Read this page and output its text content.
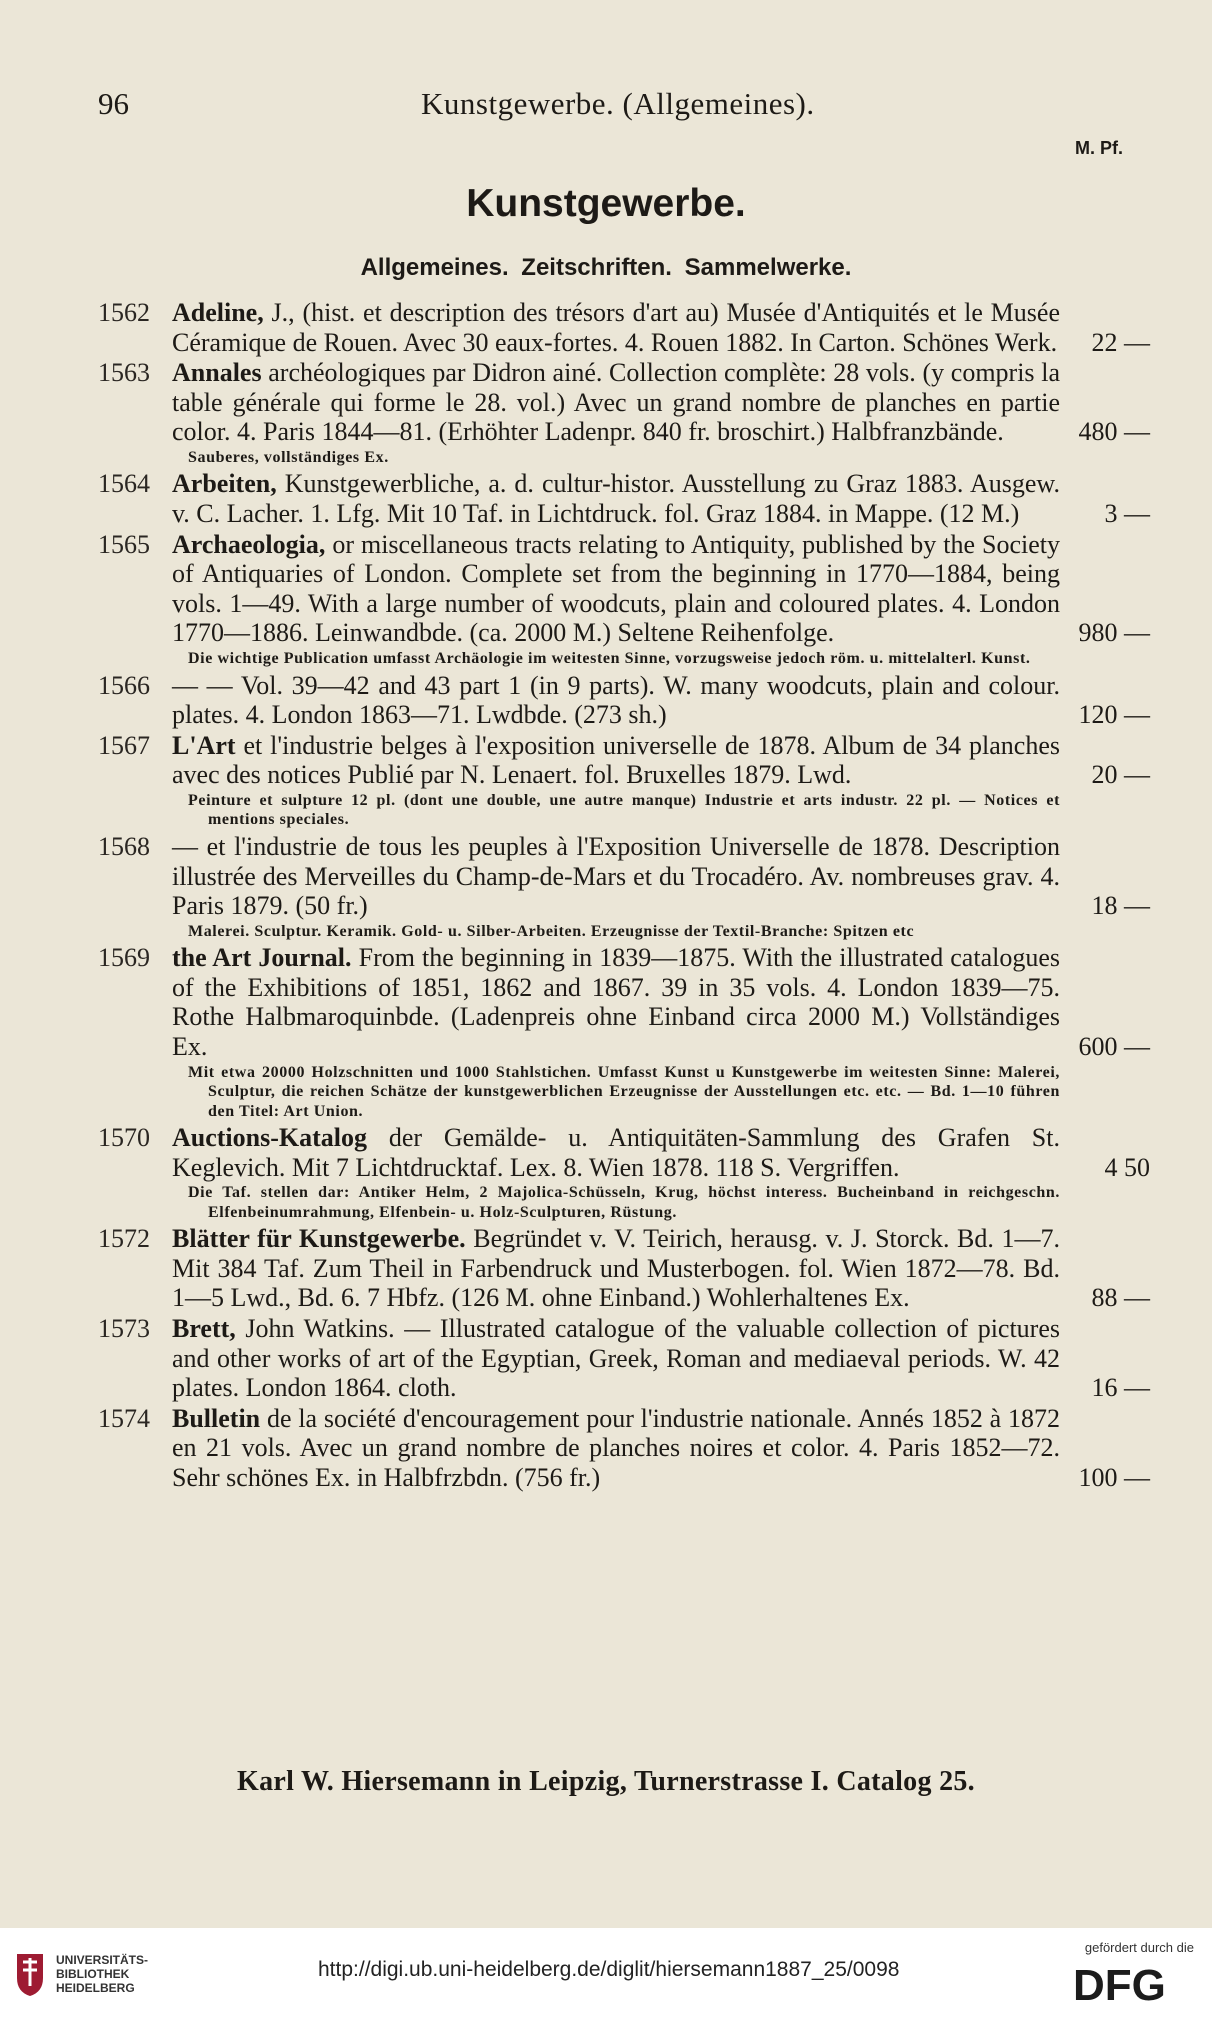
96	Kunstgewerbe. (Allgemeines).
M. Pf.
Kunstgewerbe.
Allgemeines. Zeitschriften. Sammelwerke.
1562 Adeline, J., (hist. et description des trésors d'art au) Musée d'Antiquités et le Musée Céramique de Rouen. Avec 30 eaux-fortes. 4. Rouen 1882. In Carton. Schönes Werk. 22 —
1563 Annales archéologiques par Didron ainé. Collection complète: 28 vols. (y compris la table générale qui forme le 28. vol.) Avec un grand nombre de planches en partie color. 4. Paris 1844—81. (Erhöhter Ladenpr. 840 fr. broschirt.) Halbfranzbände.	480 —
Sauberes, vollständiges Ex.
1564 Arbeiten, Kunstgewerbliche, a. d. cultur-histor. Ausstellung zu Graz 1883. Ausgew. v. C. Lacher. 1. Lfg. Mit 10 Taf. in Lichtdruck. fol. Graz 1884. in Mappe. (12 M.)	3 —
1565 Archaeologia, or miscellaneous tracts relating to Antiquity, published by the Society of Antiquaries of London. Complete set from the beginning in 1770—1884, being vols. 1—49. With a large number of woodcuts, plain and coloured plates. 4. London 1770—1886. Leinwandbde. (ca. 2000 M.) Seltene Reihenfolge.	980 —
Die wichtige Publication umfasst Archäologie im weitesten Sinne, vorzugsweise jedoch röm. u. mittelalterl. Kunst.
1566 — — Vol. 39—42 and 43 part 1 (in 9 parts). W. many woodcuts, plain and colour. plates. 4. London 1863—71. Lwdbde. (273 sh.)	120 —
1567 L'Art et l'industrie belges à l'exposition universelle de 1878. Album de 34 planches avec des notices Publié par N. Lenaert. fol. Bruxelles 1879. Lwd.	20 —
Peinture et sulpture 12 pl. (dont une double, une autre manque) Industrie et arts industr. 22 pl. — Notices et mentions speciales.
1568 — et l'industrie de tous les peuples à l'Exposition Universelle de 1878. Description illustrée des Merveilles du Champ-de-Mars et du Trocadéro. Av. nombreuses grav. 4. Paris 1879. (50 fr.)	18 —
Malerei. Sculptur. Keramik. Gold- u. Silber-Arbeiten. Erzeugnisse der Textil-Branche: Spitzen etc
1569 the Art Journal. From the beginning in 1839—1875. With the illustrated catalogues of the Exhibitions of 1851, 1862 and 1867. 39 in 35 vols. 4. London 1839—75. Rothe Halbmaroquinbde. (Ladenpreis ohne Einband circa 2000 M.) Vollständiges Ex.	600 —
Mit etwa 20000 Holzschnitten und 1000 Stahlstichen. Umfasst Kunst u Kunstgewerbe im weitesten Sinne: Malerei, Sculptur, die reichen Schätze der kunstgewerblichen Erzeugnisse der Ausstellungen etc. etc. — Bd. 1—10 führen den Titel: Art Union.
1570 Auctions-Katalog der Gemälde- u. Antiquitäten-Sammlung des Grafen St. Keglevich. Mit 7 Lichtdrucktaf. Lex. 8. Wien 1878. 118 S. Vergriffen.	4 50
Die Taf. stellen dar: Antiker Helm, 2 Majolica-Schüsseln, Krug, höchst interess. Bucheinband in reichgeschn. Elfenbeinumrahmung, Elfenbein- u. Holz-Sculpturen, Rüstung.
1572 Blätter für Kunstgewerbe. Begründet v. V. Teirich, herausg. v. J. Storck. Bd. 1—7. Mit 384 Taf. Zum Theil in Farbendruck und Musterbogen. fol. Wien 1872—78. Bd. 1—5 Lwd., Bd. 6. 7 Hbfz. (126 M. ohne Einband.) Wohlerhaltenes Ex.	88 —
1573 Brett, John Watkins. — Illustrated catalogue of the valuable collection of pictures and other works of art of the Egyptian, Greek, Roman and mediaeval periods. W. 42 plates. London 1864. cloth.	16 —
1574 Bulletin de la société d'encouragement pour l'industrie nationale. Annés 1852 à 1872 en 21 vols. Avec un grand nombre de planches noires et color. 4. Paris 1852—72. Sehr schönes Ex. in Halbfrzbdn. (756 fr.)	100 —
Karl W. Hiersemann in Leipzig, Turnerstrasse I. Catalog 25.
UNIVERSITÄTS-
BIBLIOTHEK
HEIDELBERG
http://digi.ub.uni-heidelberg.de/diglit/hiersemann1887_25/0098
gefördert durch die
DFG
